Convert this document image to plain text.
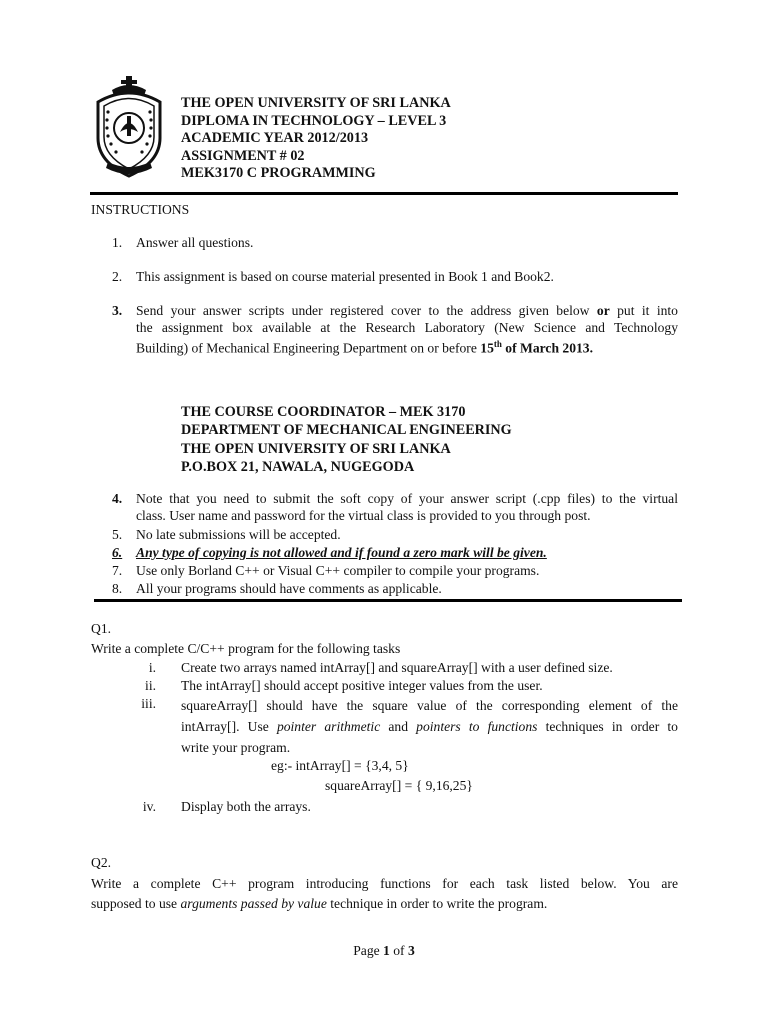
THE OPEN UNIVERSITY OF SRI LANKA
DIPLOMA IN TECHNOLOGY – LEVEL 3
ACADEMIC YEAR 2012/2013
ASSIGNMENT # 02
MEK3170 C PROGRAMMING
INSTRUCTIONS
1. Answer all questions.
2. This assignment is based on course material presented in Book 1 and Book2.
3. Send your answer scripts under registered cover to the address given below or put it into
the assignment box available at the Research Laboratory (New Science and Technology
Building) of Mechanical Engineering Department on or before 15th of March 2013.
THE COURSE COORDINATOR – MEK 3170
DEPARTMENT OF MECHANICAL ENGINEERING
THE OPEN UNIVERSITY OF SRI LANKA
P.O.BOX 21, NAWALA, NUGEGODA
4. Note that you need to submit the soft copy of your answer script (.cpp files) to the virtual
class. User name and password for the virtual class is provided to you through post.
5. No late submissions will be accepted.
6. Any type of copying is not allowed and if found a zero mark will be given.
7. Use only Borland C++ or Visual C++ compiler to compile your programs.
8. All your programs should have comments as applicable.
Q1.
Write a complete C/C++ program for the following tasks
i. Create two arrays named intArray[] and squareArray[] with a user defined size.
ii. The intArray[] should accept positive integer values from the user.
iii. squareArray[] should have the square value of the corresponding element of the
intArray[]. Use pointer arithmetic and pointers to functions techniques in order to
write your program.
eg:- intArray[] = {3,4, 5}
squareArray[] = { 9,16,25}
iv. Display both the arrays.
Q2.
Write a complete C++ program introducing functions for each task listed below. You are
supposed to use arguments passed by value technique in order to write the program.
Page 1 of 3
